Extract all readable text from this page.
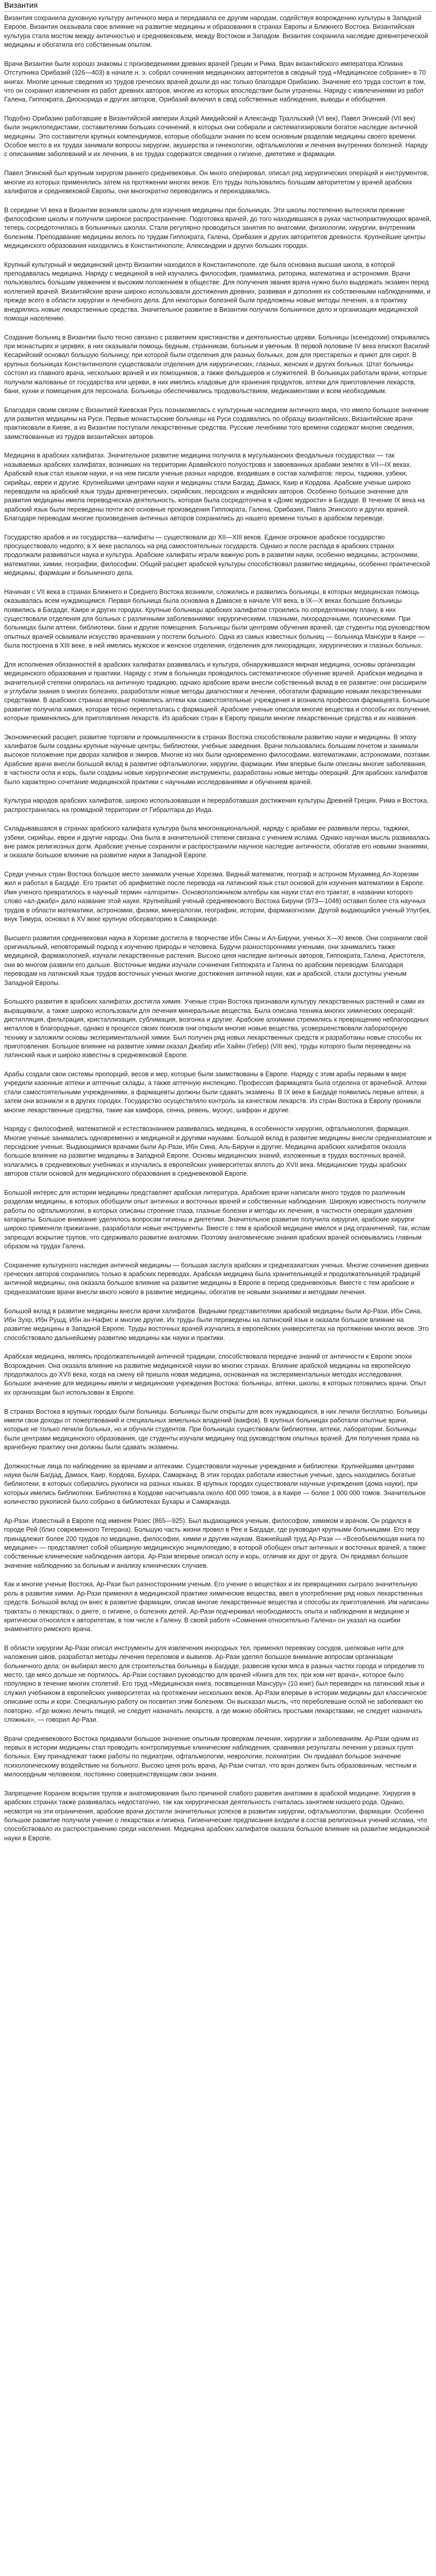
Византия

Византия сохранила духовную культуру античного мира и передавала ее другим народам, содействуя возрождению культуры в Западной Европе. Византия оказывала свое влияние на развитие медицины и образования в странах Европы и Ближнего Востока. Византийская культура стала мостом между античностью и средневековьем, между Востоком и Западом. Византия сохранила наследие древнегреческой медицины и обогатила его собственным опытом.

Врачи Византии были хорошо знакомы с произведениями древних врачей Греции и Рима. Врач византийского императора Юлиана Отступника Орибазий (326—403) в начале н. э. собрал сочинения медицинских авторитетов в сводный труд «Медицинское собрание» в 70 книгах. Многие ценные сведения из трудов греческих врачей дошли до нас только благодаря Орибазию. Значение его труда состоит в том, что он сохранил извлечения из работ древних авторов, многие из которых впоследствии были утрачены. Наряду с извлечениями из работ Галена, Гиппократа, Диоскорида и других авторов, Орибазий включил в свод собственные наблюдения, выводы и обобщения.

Подобно Орибазию работавшие в Византийской империи Аэций Амидийский и Александр Тралльский (VI век), Павел Эгинский (VII век) были энциклопедистами, составителями больших сочинений, в которых они собирали и систематизировали богатое наследие античной медицины. Это составители крупных компендиумов, которые обобщали знания по всем основным разделам медицины своего времени. Особое место в их трудах занимали вопросы хирургии, акушерства и гинекологии, офтальмологии и лечения внутренних болезней. Наряду с описаниями заболеваний и их лечения, в их трудах содержатся сведения о гигиене, диететике и фармации.

Павел Эгинский был крупным хирургом раннего средневековья. Он много оперировал, описал ряд хирургических операций и инструментов, многие из которых применялись затем на протяжении многих веков. Его труды пользовались большим авторитетом у врачей арабских халифатов и средневековой Европы, они многократно переводились и переиздавались.

В середине VI века в Византии возникли школы для изучения медицины при больницах. Эти школы постепенно вытесняли прежние философские школы и получили широкое распространение. Подготовка врачей, до того находившаяся в руках частнопрактикующих врачей, теперь сосредоточилась в больничных школах. Стали регулярно проводиться занятия по анатомии, физиологии, хирургии, внутренним болезням. Преподавание медицины велось по трудам Гиппократа, Галена, Орибазия и других авторитетов древности. Крупнейшие центры медицинского образования находились в Константинополе, Александрии и других больших городах.

Крупный культурный и медицинский центр Византии находился в Константинополе, где была основана высшая школа, в которой преподавалась медицина. Наряду с медициной в ней изучались философия, грамматика, риторика, математика и астрономия. Врачи пользовались большим уважением и высоким положением в обществе. Для получения звания врача нужно было выдержать экзамен перед коллегией врачей. Византийские врачи широко использовали достижения древних, развивая и дополняя их собственными наблюдениями, и прежде всего в области хирургии и лечебного дела. Для некоторых болезней были предложены новые методы лечения, а в практику внедрялись новые лекарственные средства. Значительное развитие в Византии получили больничное дело и организация медицинской помощи населению.

Создание больниц в Византии было тесно связано с развитием христианства и деятельностью церкви. Больницы (ксенодохии) открывались при монастырях и церквях, в них оказывали помощь бедным, странникам, больным и увечным. В первой половине IV века епископ Василий Кесарийский основал большую больницу, при которой были отделения для разных больных, дом для престарелых и приют для сирот. В крупных больницах Константинополя существовали отделения для хирургических, глазных, женских и других больных. Штат больницы состоял из главного врача, нескольких врачей и их помощников, а также фельдшеров и служителей. В больницах работали врачи, которые получали жалованье от государства или церкви, в них имелись кладовые для хранения продуктов, аптеки для приготовления лекарств, бани, кухни и помещения для персонала. Больницы обеспечивались продовольствием, медикаментами и всем необходимым.

Благодаря своим связям с Византией Киевская Русь познакомилась с культурным наследием античного мира, что имело большое значение для развития медицины на Руси. Первые монастырские больницы на Руси создавались по образцу византийских. Византийские врачи практиковали в Киеве, а из Византии поступали лекарственные средства. Русские лечебники того времени содержат многие сведения, заимствованные из трудов византийских авторов.

Медицина в арабских халифатах. Значительное развитие медицина получила в мусульманских феодальных государствах — так называемых арабских халифатах, возникших на территории Аравийского полуострова и завоеванных арабами землях в VII—IX веках. Арабский язык стал языком науки, и на нем писали ученые разных народов, входивших в состав халифатов: персы, таджики, узбеки, сирийцы, евреи и другие. Крупнейшими центрами науки и медицины стали Багдад, Дамаск, Каир и Кордова. Арабские ученые широко переводили на арабский язык труды древнегреческих, сирийских, персидских и индийских авторов. Особенно большое значение для развития медицины имела переводческая деятельность, которая была сосредоточена в «Доме мудрости» в Багдаде. В течение IX века на арабский язык были переведены почти все основные произведения Гиппократа, Галена, Орибазия, Павла Эгинского и других врачей. Благодаря переводам многие произведения античных авторов сохранились до нашего времени только в арабском переводе.

Государство арабов и их государства—халифаты — существовали до XII—XIII веков. Единое огромное арабское государство просуществовало недолго; в X веке распалось на ряд самостоятельных государств. Однако и после распада в арабских странах продолжали развиваться наука и культура. Арабские халифаты играли важную роль в развитии науки, особенно медицины, астрономии, математики, химии, географии, философии. Общий расцвет арабской культуры способствовал развитию медицины, особенно практической медицины, фармации и больничного дела.

Начиная с VII века в странах Ближнего и Среднего Востока возникли, сложились и развились больницы, в которых медицинская помощь оказывалась всем нуждающимся. Первая больница была основана в Дамаске в начале VIII века, в IX—X веках большие больницы появились в Багдаде, Каире и других городах. Крупные больницы арабских халифатов строились по определенному плану, в них существовали отделения для больных с различными заболеваниями: хирургическими, глазными, лихорадочными, психическими. При больницах были аптеки, библиотеки, бани и другие помещения. Больницы были центрами обучения врачей, где студенты под руководством опытных врачей осваивали искусство врачевания у постели больного. Одна из самых известных больниц — больница Мансури в Каире — была построена в XIII веке, в ней имелись мужское и женское отделения, отделения для лихорадящих, хирургических и глазных больных.

Для исполнения обязанностей в арабских халифатах развивалась и культура, обнаружившаяся мирная медицина, основы организации медицинского образования и практики. Наряду с этим в больницах проводилось систематическое обучение врачей. Арабская медицина в значительной степени опиралась на античную традицию, однако арабские врачи внесли собственный вклад в ее развитие: они расширили и углубили знания о многих болезнях, разработали новые методы диагностики и лечения, обогатили фармацию новыми лекарственными средствами. В арабских странах впервые появились аптеки как самостоятельные учреждения и возникла профессия фармацевта. Большое развитие получила химия, которая тесно переплеталась с фармацией. Арабские ученые описали многие вещества и способы их получения, которые применялись для приготовления лекарств. Из арабских стран в Европу пришли многие лекарственные средства и их названия.

Экономический расцвет, развитие торговли и промышленности в странах Востока способствовали развитию науки и медицины. В эпоху халифатов были созданы крупные научные центры, библиотеки, учебные заведения. Врачи пользовались большим почетом и занимали высокое положение при дворах халифов и эмиров. Многие из них были одновременно философами, математиками, астрономами, поэтами. Арабские врачи внесли большой вклад в развитие офтальмологии, хирургии, фармации. Ими впервые были описаны многие заболевания, в частности оспа и корь, были созданы новые хирургические инструменты, разработаны новые методы операций. Для арабских халифатов было характерно сочетание медицинской практики с научными исследованиями и обучением врачей.

Культура народов арабских халифатов, широко использовавшая и переработавшая достижения культуры Древней Греции, Рима и Востока, распространилась на громадной территории от Гибралтара до Инда.

Складывавшаяся в странах арабского халифата культура была многонациональной, наряду с арабами ее развивали персы, таджики, узбеки, сирийцы, евреи и другие народы. Она была в значительной степени связана с учением ислама. Однако научная мысль развивалась вне рамок религиозных догм. Арабские ученые сохранили и распространили научное наследие античности, обогатив его новыми знаниями, и оказали большое влияние на развитие науки в Западной Европе.

Среди ученых стран Востока большое место занимали ученые Хорезма. Видный математик, географ и астроном Мухаммед Ал-Хорезми жил и работал в Багдаде. Его трактат об арифметике после перевода на латинский язык стал основой для изучения математики в Европе. Имя ученого превратилось в научный термин «алгоритм». Основоположником алгебры как науки стал его трактат, в названии которого слово «ал-джабр» дало название этой науке. Крупнейший ученый средневекового Востока Бируни (973—1048) оставил более ста научных трудов в области математики, астрономии, физики, минералогии, географии, истории, фармакогнозии. Другой выдающийся ученый Улугбек, внук Тимура, основал в XV веке крупную обсерваторию в Самарканде.

Высшего развития средневековая наука в Хорезме достигла в творчестве Ибн Сины и Ал-Бируни, ученых X—XI веков. Они сохранили свой оригинальный, неповторимый подход к изучению природы и человека. Будучи разносторонними учеными, они занимались также медициной, фармакологией, изучали лекарственные растения. Высоко ценя наследие античных авторов, Гиппократа, Галена, Аристотеля, они во многом развили его дальше. Восточные медики изучали сочинения Гиппократа и Галена по арабским переводам. Благодаря переводам на латинский язык трудов восточных ученых многие достижения античной науки, как и арабской, стали доступны ученым Западной Европы.

Большого развития в арабских халифатах достигла химия. Ученые стран Востока признавали культуру лекарственных растений и сами их выращивали, а также широко использовали для лечения минеральные вещества. Была описана техника многих химических операций: дистилляция, фильтрация, кристаллизация, сублимация, возгонка и другие. Арабские алхимики стремились к превращению неблагородных металлов в благородные, однако в процессе своих поисков они открыли многие новые вещества, усовершенствовали лабораторную технику и заложили основы экспериментальной химии. Был получен ряд новых лекарственных средств и разработаны новые способы их приготовления. Большое влияние на развитие химии оказал Джабир ибн Хайян (Гебер) (VIII век), труды которого были переведены на латинский язык и широко известны в средневековой Европе.

Арабы создали свои системы пропорций, весов и мер, которые были заимствованы в Европе. Наряду с этим арабы первыми в мире учредили казенные аптеки и аптечные склады, а также аптечную инспекцию. Профессия фармацевта была отделена от врачебной. Аптеки стали самостоятельными учреждениями, а фармацевты должны были сдавать экзамены. В IX веке в Багдаде появились первые аптеки, а затем они возникли и в других городах. Государство осуществляло контроль за качеством лекарств. Из стран Востока в Европу проникли многие лекарственные средства, такие как камфора, сенна, ревень, мускус, шафран и другие.

Наряду с философией, математикой и естествознанием развивалась медицина, в особенности хирургия, офтальмология, фармация. Многие ученые занимались одновременно и медициной и другими науками. Большой вклад в развитие медицины внесли среднеазиатские и персидские ученые. Выдающимися врачами были Ар-Рази, Ибн Сина, Аль-Бируни и другие. Медицина арабских халифатов оказала большое влияние на развитие медицины в Западной Европе. Основы медицинских знаний, изложенные в трудах восточных врачей, излагались в средневековых учебниках и изучались в европейских университетах вплоть до XVII века. Медицинские труды арабских авторов стали основой для медицинского образования в средневековой Европе.

Большой интерес для истории медицины представляет арабская литература. Арабские врачи написали много трудов по различным разделам медицины, в которых обобщили опыт античных и восточных врачей и собственные наблюдения. Широкую известность получили работы по офтальмологии, в которых описаны строение глаза, глазные болезни и методы их лечения, в частности операция удаления катаракты. Большое внимание уделялось вопросам гигиены и диететики. Значительное развитие получила хирургия, арабские хирурги широко применяли прижигание, разработали новые инструменты. Вместе с тем в арабской медицине имелся и ряд ограничений, так, ислам запрещал вскрытие трупов, что сдерживало развитие анатомии. Поэтому анатомические знания арабских врачей основывались главным образом на трудах Галена.

Сохранение культурного наследия античной медицины — большая заслуга арабских и среднеазиатских ученых. Многие сочинения древних греческих авторов сохранились только в арабских переводах. Арабская медицина была хранительницей и продолжательницей традиций античной медицины, она оказала большое влияние на развитие медицины в Европе в период средневековья. Вместе с тем арабские и среднеазиатские врачи внесли много нового в развитие медицины, обогатив ее новыми знаниями и методами лечения.

Большой вклад в развитие медицины внесли врачи халифатов. Видными представителями арабской медицины были Ар-Рази, Ибн Сина, Ибн Зухр, Ибн Рушд, Ибн ан-Нафис и многие другие. Их труды были переведены на латинский язык и оказали большое влияние на развитие медицины в Западной Европе. Труды восточных врачей изучались в европейских университетах на протяжении многих веков. Это способствовало дальнейшему развитию медицины как науки и практики.

Арабская медицина, являясь продолжательницей античной традиции, способствовала передаче знаний от античности к Европе эпохи Возрождения. Она оказала влияние на развитие медицинской науки во многих странах. Влияние арабской медицины на европейскую продолжалось до XVII века, когда на смену ей пришла новая медицина, основанная на экспериментальных методах исследования. Большое значение для медицины имели и медицинские учреждения Востока: больницы, аптеки, школы, в которых готовились врачи. Опыт их организации был использован в Европе.

В странах Востока в крупных городах были больницы. Больницы были открыты для всех нуждающихся, в них лечили бесплатно. Больницы имели свои доходы от пожертвований и специальных земельных владений (вакфов). В крупных больницах работали опытные врачи, которые не только лечили больных, но и обучали студентов. При больницах существовали библиотеки, аптеки, лаборатории. Больницы были центрами медицинского образования, где студенты изучали медицину под руководством опытных врачей. Для получения права на врачебную практику они должны были сдавать экзамены.

Должностные лица по наблюдению за врачами и аптеками. Существовали научные учреждения и библиотеки. Крупнейшими центрами науки были Багдад, Дамаск, Каир, Кордова, Бухара, Самарканд. В этих городах работали известные ученые, здесь находились богатые библиотеки, в которых собирались рукописи на разных языках. В крупных городах существовали научные учреждения (дома науки), при которых имелись библиотеки. Библиотека в Кордове насчитывала около 400 000 томов, а в Каире — более 1 000 000 томов. Значительное количество рукописей было собрано в библиотеках Бухары и Самарканда.

Ар-Рази. Известный в Европе под именем Разес (865—925). Был выдающимся ученым, философом, химиком и врачом. Он родился в городе Рей (близ современного Тегерана). Большую часть жизни провел в Рее и Багдаде, где руководил крупными больницами. Его перу принадлежит более 200 трудов по медицине, философии, химии и другим наукам. Важнейший труд Ар-Рази — «Всеобъемлющая книга по медицине» — представляет собой обширную медицинскую энциклопедию, в которой обобщен опыт античных и восточных врачей, а также собственные клинические наблюдения автора. Ар-Рази впервые описал оспу и корь, отличив их друг от друга. Он придавал большое значение наблюдению за больным и анализу клинических случаев.

Как и многие ученые Востока, Ар-Рази был разносторонним ученым. Его учение о веществах и их превращениях сыграло значительную роль в развитии химии. Ар-Рази применял в медицинской практике химические вещества, ввел в употребление ряд новых лекарственных средств. Большой вклад он внес в развитие фармации, описав многие лекарственные вещества и способы их приготовления. Им написаны трактаты о лекарствах, о диете, о гигиене, о болезнях детей. Ар-Рази подчеркивал необходимость опыта и наблюдения в медицине и критически относился к авторитетам, в том числе к Галену. В своей работе «Сомнения относительно Галена» он указал на ошибки знаменитого римского врача.

В области хирургии Ар-Рази описал инструменты для извлечения инородных тел, применял перевязку сосудов, шелковые нити для наложения швов, разработал методы лечения переломов и вывихов. Ар-Рази уделял большое внимание вопросам организации больничного дела: он выбирал место для строительства больницы в Багдаде, развесив куски мяса в разных частях города и определив то место, где мясо дольше не портилось. Ар-Рази составил руководство для врачей «Книга для тех, при ком нет врача», которое было популярно в течение многих столетий. Его труд «Медицинская книга, посвященная Мансуру» (10 книг) был переведен на латинский язык и служил учебником в европейских университетах на протяжении нескольких веков. Ар-Рази впервые в истории медицины дал классическое описание оспы и кори. Специальную работу он посвятил этим болезням. Он высказал мысль, что переболевшие оспой не заболевают ею повторно. «Где можно лечить пищей, не следует назначать лекарств, а где можно обойтись простыми лекарствами, не следует назначать сложных», — говорил Ар-Рази.

Врачи средневекового Востока придавали большое значение опытным проверкам лечения, хирургии и заболеваниям. Ар-Рази одним из первых в истории медицины стал проводить контролируемые клинические наблюдения, сравнивая результаты лечения у разных групп больных. Ему принадлежат также работы по педиатрии, офтальмологии, неврологии, психиатрии. Он придавал большое значение психологическому воздействию на больного. Высоко ценя роль врача, Ар-Рази считал, что врач должен быть образованным, честным и милосердным человеком, постоянно совершенствующим свои знания.

Запрещение Кораном вскрытия трупов и анатомирования было причиной слабого развития анатомии в арабской медицине. Хирургия в арабских странах также развивалась недостаточно, так как хирургическая деятельность считалась занятием низшего рода. Однако, несмотря на эти ограничения, арабские врачи достигли значительных успехов в развитии хирургии, офтальмологии, фармации. Особенно большое развитие получили учение о лекарствах и гигиена. Гигиенические предписания входили в состав религиозных учений ислама, что способствовало их распространению среди населения. Медицина арабских халифатов оказала большое влияние на развитие медицинской науки в Европе.
